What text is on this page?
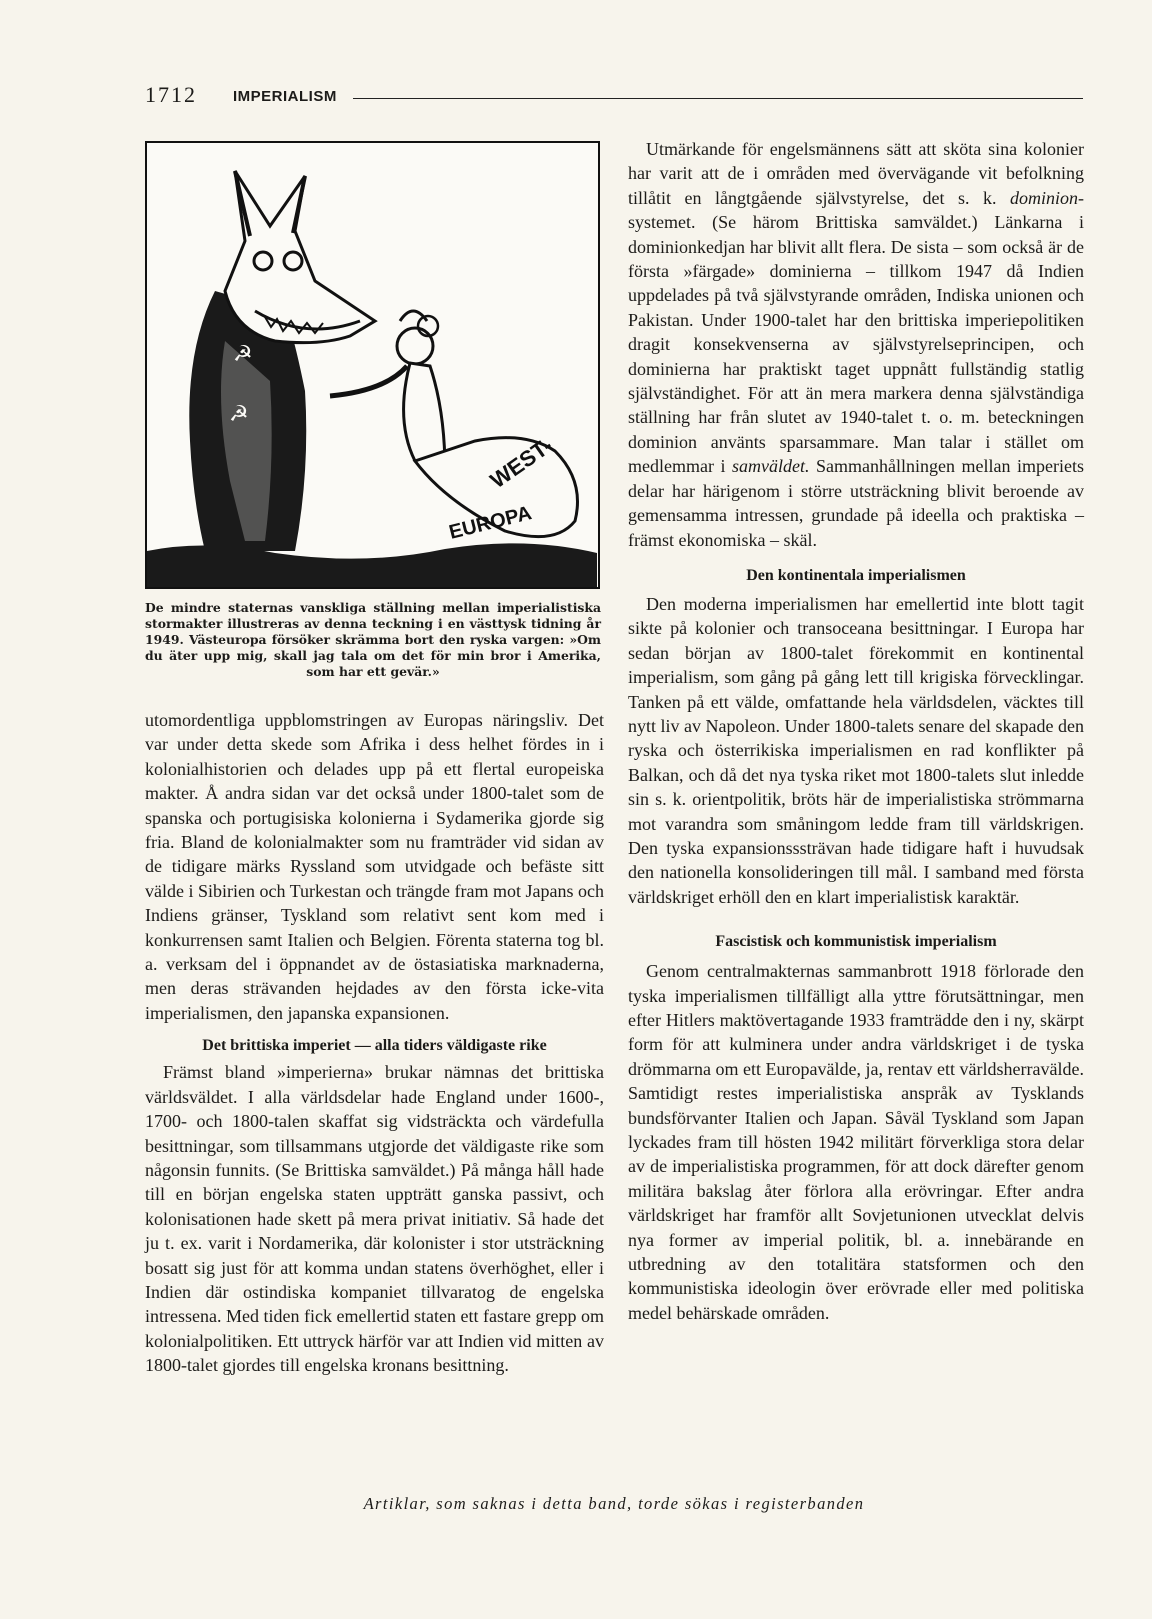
1712 IMPERIALISM
☭
☭
WEST-
EUROPA
De mindre staternas vanskliga ställning mellan imperialistiska stormakter illustreras av denna teckning i en västtysk tidning år 1949. Västeuropa försöker skrämma bort den ryska vargen: »Om du äter upp mig, skall jag tala om det för min bror i Amerika, som har ett gevär.»

utomordentliga uppblomstringen av Europas näringsliv. Det var under detta skede som Afrika i dess helhet fördes in i kolonialhistorien och delades upp på ett flertal europeiska makter. Å andra sidan var det också under 1800-talet som de spanska och portugisiska kolonierna i Sydamerika gjorde sig fria. Bland de kolonialmakter som nu framträder vid sidan av de tidigare märks Ryssland som utvidgade och befäste sitt välde i Sibirien och Turkestan och trängde fram mot Japans och Indiens gränser, Tyskland som relativt sent kom med i konkurrensen samt Italien och Belgien. Förenta staterna tog bl. a. verksam del i öppnandet av de östasiatiska marknaderna, men deras strävanden hejdades av den första icke-vita imperialismen, den japanska expansionen.

Det brittiska imperiet — alla tiders väldigaste rike

Främst bland »imperierna» brukar nämnas det brittiska världsväldet. I alla världsdelar hade England under 1600-, 1700- och 1800-talen skaffat sig vidsträckta och värdefulla besittningar, som tillsammans utgjorde det väldigaste rike som någonsin funnits. (Se Brittiska samväldet.) På många håll hade till en början engelska staten uppträtt ganska passivt, och kolonisationen hade skett på mera privat initiativ. Så hade det ju t. ex. varit i Nordamerika, där kolonister i stor utsträckning bosatt sig just för att komma undan statens överhöghet, eller i Indien där ostindiska kompaniet tillvaratog de engelska intressena. Med tiden fick emellertid staten ett fastare grepp om kolonialpolitiken. Ett uttryck härför var att Indien vid mitten av 1800-talet gjordes till engelska kronans besittning.

Utmärkande för engelsmännens sätt att sköta sina kolonier har varit att de i områden med övervägande vit befolkning tillåtit en långtgående självstyrelse, det s. k. dominion-systemet. (Se härom Brittiska samväldet.) Länkarna i dominionkedjan har blivit allt flera. De sista – som också är de första »färgade» dominierna – tillkom 1947 då Indien uppdelades på två självstyrande områden, Indiska unionen och Pakistan. Under 1900-talet har den brittiska imperiepolitiken dragit konsekvenserna av självstyrelseprincipen, och dominierna har praktiskt taget uppnått fullständig statlig självständighet. För att än mera markera denna självständiga ställning har från slutet av 1940-talet t. o. m. beteckningen dominion använts sparsammare. Man talar i stället om medlemmar i samväldet. Sammanhållningen mellan imperiets delar har härigenom i större utsträckning blivit beroende av gemensamma intressen, grundade på ideella och praktiska – främst ekonomiska – skäl.

Den kontinentala imperialismen

Den moderna imperialismen har emellertid inte blott tagit sikte på kolonier och transoceana besittningar. I Europa har sedan början av 1800-talet förekommit en kontinental imperialism, som gång på gång lett till krigiska förvecklingar. Tanken på ett välde, omfattande hela världsdelen, väcktes till nytt liv av Napoleon. Under 1800-talets senare del skapade den ryska och österrikiska imperialismen en rad konflikter på Balkan, och då det nya tyska riket mot 1800-talets slut inledde sin s. k. orientpolitik, bröts här de imperialistiska strömmarna mot varandra som småningom ledde fram till världskrigen. Den tyska expansionsssträvan hade tidigare haft i huvudsak den nationella konsolideringen till mål. I samband med första världskriget erhöll den en klart imperialistisk karaktär.

Fascistisk och kommunistisk imperialism

Genom centralmakternas sammanbrott 1918 förlorade den tyska imperialismen tillfälligt alla yttre förutsättningar, men efter Hitlers maktövertagande 1933 framträdde den i ny, skärpt form för att kulminera under andra världskriget i de tyska drömmarna om ett Europavälde, ja, rentav ett världsherravälde. Samtidigt restes imperialistiska anspråk av Tysklands bundsförvanter Italien och Japan. Såväl Tyskland som Japan lyckades fram till hösten 1942 militärt förverkliga stora delar av de imperialistiska programmen, för att dock därefter genom militära bakslag åter förlora alla erövringar. Efter andra världskriget har framför allt Sovjetunionen utvecklat delvis nya former av imperial politik, bl. a. innebärande en utbredning av den totalitära statsformen och den kommunistiska ideologin över erövrade eller med politiska medel behärskade områden.

Artiklar, som saknas i detta band, torde sökas i registerbanden
